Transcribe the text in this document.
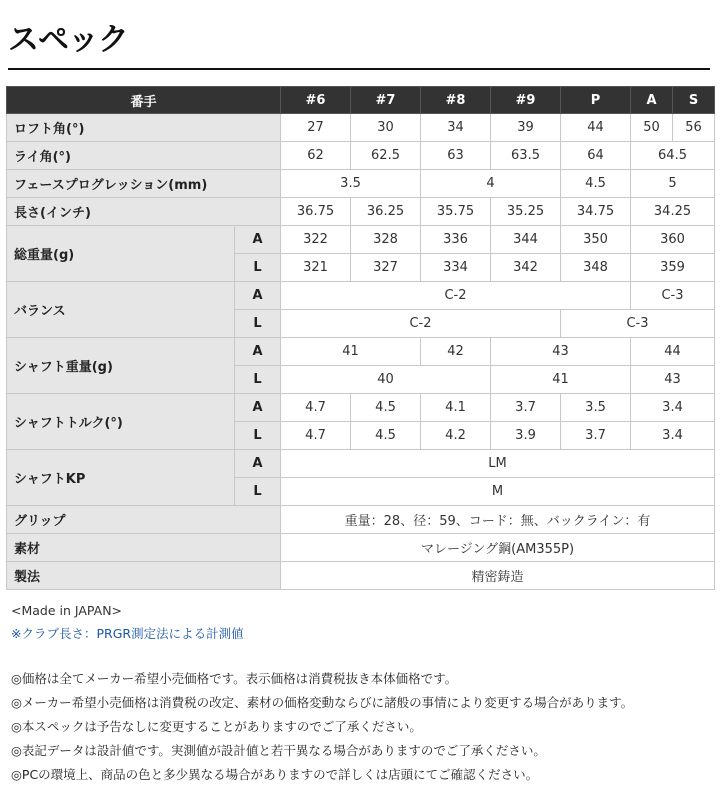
スペック
番手		#6	#7	#8	#9	P	A	S
ロフト角(°)		27	30	34	39	44	50	56
ライ角(°)		62	62.5	63	63.5	64	64.5	
フェースプログレッション(mm)		3.5		4		4.5	5	
長さ(インチ)		36.75	36.25	35.75	35.25	34.75	34.25	
総重量(g)	A	322	328	336	344	350	360	
	L	321	327	334	342	348	359	
バランス	A	C-2					C-3	
	L	C-2				C-3		
シャフト重量(g)	A	41		42	43		44	
	L	40			41		43	
シャフトトルク(°)	A	4.7	4.5	4.1	3.7	3.5	3.4	
	L	4.7	4.5	4.2	3.9	3.7	3.4	
シャフトKP	A	LM						
	L	M						
グリップ		重量：28、径：59、コード：無、バックライン：有						
素材		マレージング鋼(AM355P)						
製法		精密鋳造						
<Made in JAPAN>
※クラブ長さ：PRGR測定法による計測値
◎価格は全てメーカー希望小売価格です。表示価格は消費税抜き本体価格です。
◎メーカー希望小売価格は消費税の改定、素材の価格変動ならびに諸般の事情により変更する場合があります。
◎本スペックは予告なしに変更することがありますのでご了承ください。
◎表記データは設計値です。実測値が設計値と若干異なる場合がありますのでご了承ください。
◎PCの環境上、商品の色と多少異なる場合がありますので詳しくは店頭にてご確認ください。
